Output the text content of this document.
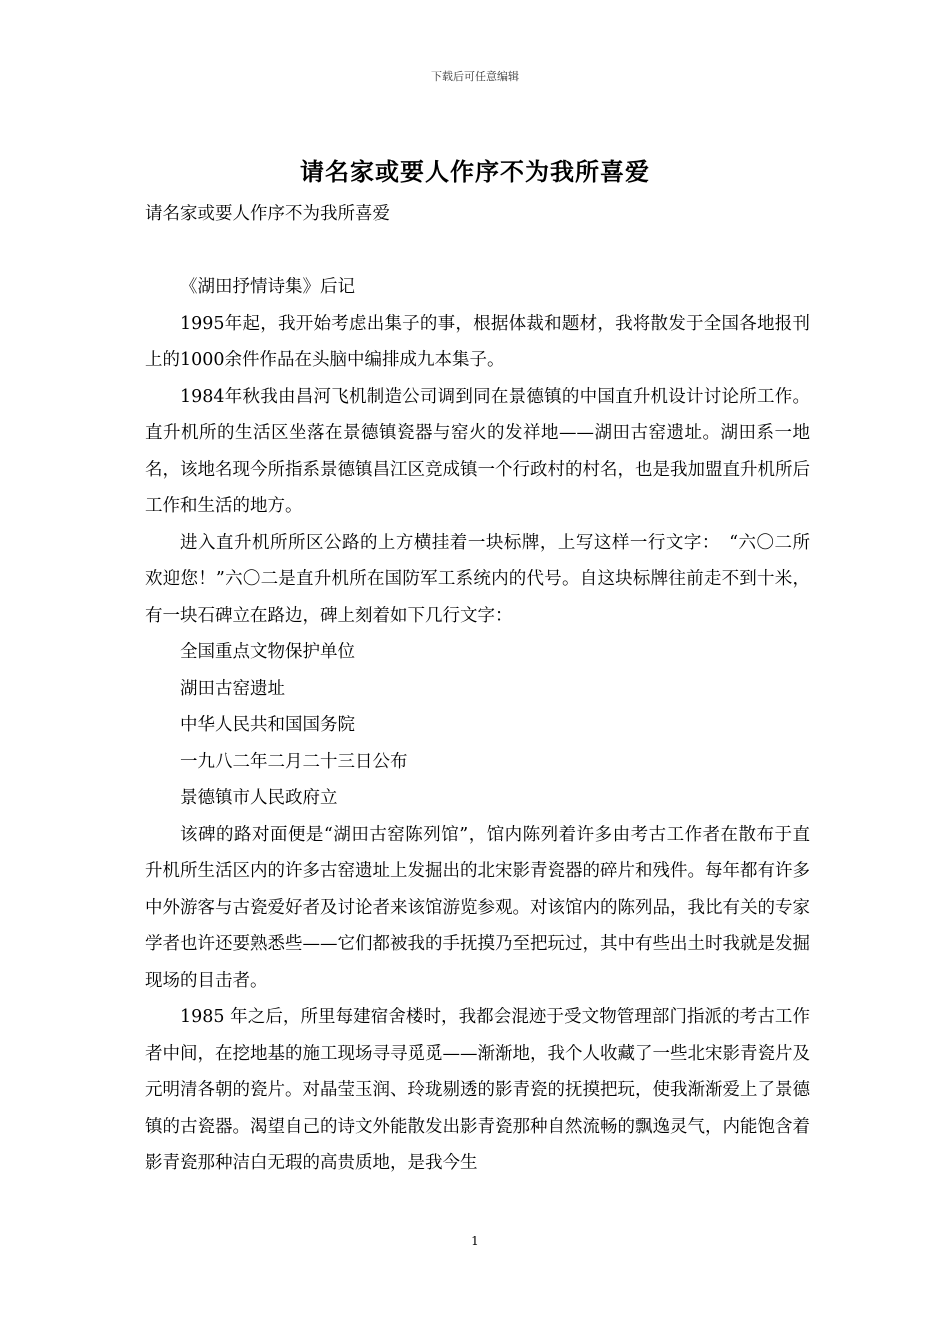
下载后可任意编辑
请名家或要人作序不为我所喜爱

请名家或要人作序不为我所喜爱

《湖田抒情诗集》后记

1995年起，我开始考虑出集子的事，根据体裁和题材，我将散发于全国各地报刊上的1000余件作品在头脑中编排成九本集子。

1984年秋我由昌河飞机制造公司调到同在景德镇的中国直升机设计讨论所工作。直升机所的生活区坐落在景德镇瓷器与窑火的发祥地——湖田古窑遗址。湖田系一地名，该地名现今所指系景德镇昌江区竞成镇一个行政村的村名，也是我加盟直升机所后工作和生活的地方。

进入直升机所所区公路的上方横挂着一块标牌，上写这样一行文字：　“六〇二所欢迎您！”六〇二是直升机所在国防军工系统内的代号。自这块标牌往前走不到十米，有一块石碑立在路边，碑上刻着如下几行文字：

全国重点文物保护单位

湖田古窑遗址

中华人民共和国国务院

一九八二年二月二十三日公布

景德镇市人民政府立

该碑的路对面便是“湖田古窑陈列馆”，馆内陈列着许多由考古工作者在散布于直升机所生活区内的许多古窑遗址上发掘出的北宋影青瓷器的碎片和残件。每年都有许多中外游客与古瓷爱好者及讨论者来该馆游览参观。对该馆内的陈列品，我比有关的专家学者也许还要熟悉些——它们都被我的手抚摸乃至把玩过，其中有些出土时我就是发掘现场的目击者。

1985 年之后，所里每建宿舍楼时，我都会混迹于受文物管理部门指派的考古工作者中间，在挖地基的施工现场寻寻觅觅——渐渐地，我个人收藏了一些北宋影青瓷片及元明清各朝的瓷片。对晶莹玉润、玲珑剔透的影青瓷的抚摸把玩，使我渐渐爱上了景德镇的古瓷器。渴望自己的诗文外能散发出影青瓷那种自然流畅的飘逸灵气，内能饱含着影青瓷那种洁白无瑕的高贵质地，是我今生

1
